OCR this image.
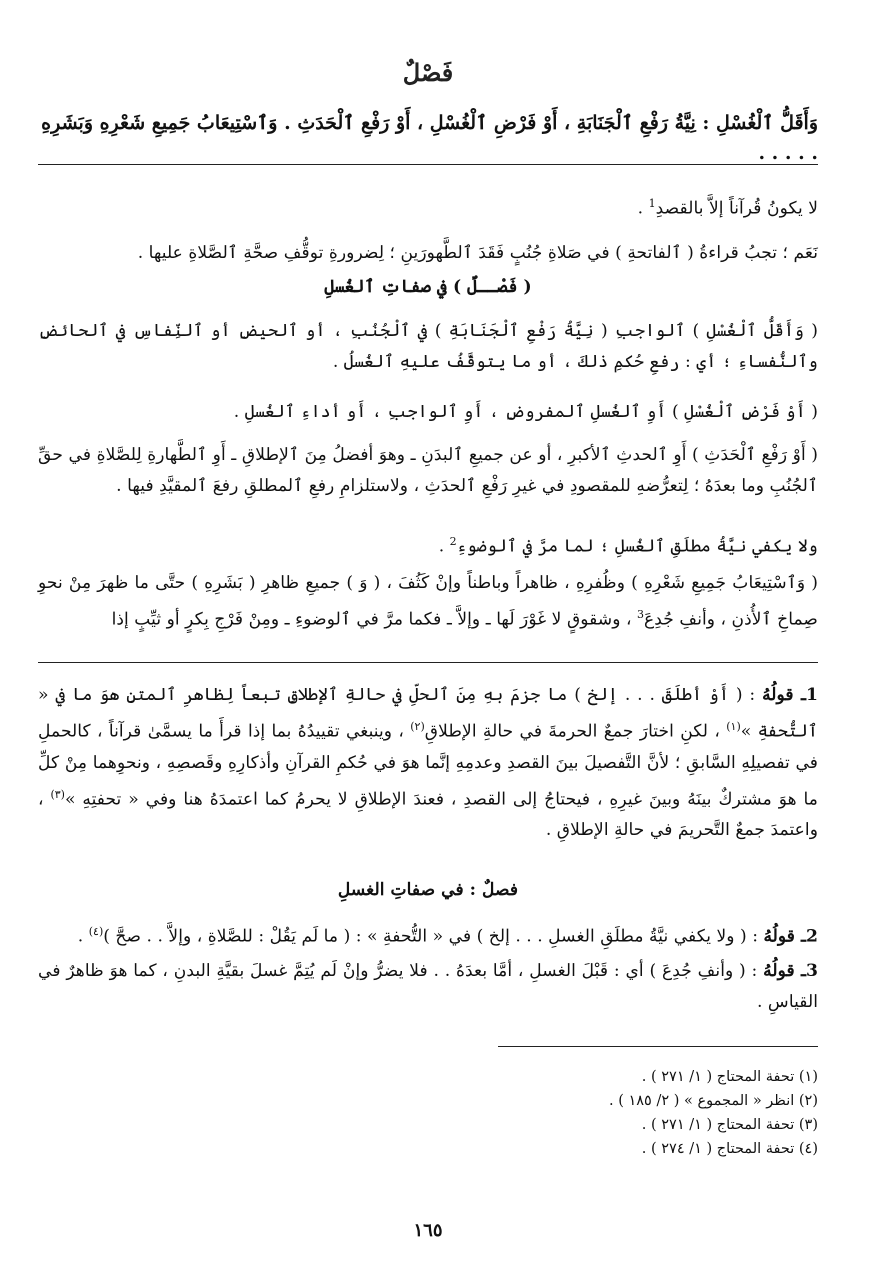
فَصْلٌ
وَأَقَلُّ ٱلْغُسْلِ : نِيَّةُ رَفْعِ ٱلْجَنَابَةِ ، أَوْ فَرْضِ ٱلْغُسْلِ ، أَوْ رَفْعِ ٱلْحَدَثِ . وَٱسْتِيعَابُ جَمِيعِ شَعْرِهِ وَبَشَرِهِ . . . . .
لا يكونُ قُرآناً إلاَّ بالقصدِ$^1$ .
نَعَم ؛ تجبُ قراءةُ ( ٱلفاتحةِ ) في صَلاةِ جُنُبٍ فَقَدَ ٱلطَّهورَينِ ؛ لِضرورةِ توقُّفِ صحَّةِ ٱلصَّلاةِ عليها .
( فَصْــلٌ ) في صفاتِ ٱلغُسلِ
( وَأَقَلُّ ٱلْغُسْلِ ) ٱلواجبِ ( نِيَّةُ رَفْعِ ٱلْجَنَابَةِ ) في ٱلْجُنُبِ ، أو ٱلحيضِ أو ٱلنِّفاسِ في ٱلحائضِ وٱلنُّفساءِ ؛ أي : رفعِ حُكمِ ذلكَ ، أو ما يتوقَّفُ عليهِ ٱلغُسلُ .
( أَوْ فَرْضِ ٱلْغُسْلِ ) أَوِ ٱلغُسلِ ٱلمفروضِ ، أَوِ ٱلواجبِ ، أَو أداءِ ٱلغُسلِ .
( أَوْ رَفْعِ ٱلْحَدَثِ ) أَوِ ٱلحدثِ ٱلأكبرِ ، أو عن جميعِ ٱلبدَنِ ـ وهوَ أفضلُ مِنَ ٱلإطلاقِ ـ أَوِ ٱلطَّهارةِ لِلصَّلاةِ في حقِّ ٱلجُنُبِ وما بعدَهُ ؛ لِتعرُّضهِ للمقصودِ في غيرِ رَفْعِ ٱلحدَثِ ، ولاستلزامِ رفعِ ٱلمطلقِ رفعَ ٱلمقيَّدِ فيها .
ولا يكفي نيَّةُ مطلَقِ ٱلغُسلِ ؛ لما مرَّ في ٱلوضوءِ$^2$ .
( وَٱسْتِيعَابُ جَمِيعِ شَعْرِهِ ) وظُفرِهِ ، ظاهراً وباطناً وإنْ كَثُفَ ، ( وَ ) جميعِ ظاهرِ ( بَشَرِهِ ) حتَّى ما ظهرَ مِنْ نحوِ صِماخِ ٱلأُذنِ ، وأنفِ جُدِعَ$^3$ ، وشقوقٍ لا غَوْرَ لَها ـ وإلاَّ ـ فكما مرَّ في ٱلوضوءِ ـ ومِنْ فَرْجِ بِكرٍ أو ثيِّبٍ إذا
1ـ قولُهُ : ( أَوْ أطلَقَ . . . إلخ ) ما جزمَ بهِ مِنَ ٱلحلِّ في حالةِ ٱلإطلاقِ تبعاً لِظاهرِ ٱلمتنِ هوَ ما في « ٱلتُّحفةِ »$^{(١)}$ ، لكنِ اختارَ جمعٌ الحرمةَ في حالةِ الإطلاقِ$^{(٢)}$ ، وينبغي تقييدُهُ بما إذا قرأَ ما يسمَّىٰ قرآناً ، كالحملِ في تفصيلِهِ السَّابقِ ؛ لأنَّ التَّفصيلَ بينَ القصدِ وعدمِهِ إنَّما هوَ في حُكمِ القرآنِ وأذكارِهِ وقَصصِهِ ، ونحوِهما مِنْ كلِّ ما هوَ مشتركٌ بينَهُ وبينَ غيرِهِ ، فيحتاجُ إلى القصدِ ، فعندَ الإطلاقِ لا يحرمُ كما اعتمدَهُ هنا وفي « تحفتِهِ »$^{(٣)}$ ، واعتمدَ جمعٌ التَّحريمَ في حالةِ الإطلاقِ .
فصلٌ : في صفاتِ الغسلِ
2ـ قولُهُ : ( ولا يكفي نيَّةُ مطلَقِ الغسلِ . . . إلخ ) في « التُّحفةِ » : ( ما لَم يَقُلْ : للصَّلاةِ ، وإلاَّ . . صحَّ )$^{(٤)}$ .
3ـ قولُهُ : ( وأنفِ جُدِعَ ) أي : قَبْلَ الغسلِ ، أمَّا بعدَهُ . . فلا يضرُّ وإنْ لَم يُتِمَّ غسلَ بقيَّةِ البدنِ ، كما هوَ ظاهرٌ في القياسِ .
(١) تحفة المحتاج ( ١/ ٢٧١ ) .
(٢) انظر « المجموع » ( ٢/ ١٨٥ ) .
(٣) تحفة المحتاج ( ١/ ٢٧١ ) .
(٤) تحفة المحتاج ( ١/ ٢٧٤ ) .
١٦٥
